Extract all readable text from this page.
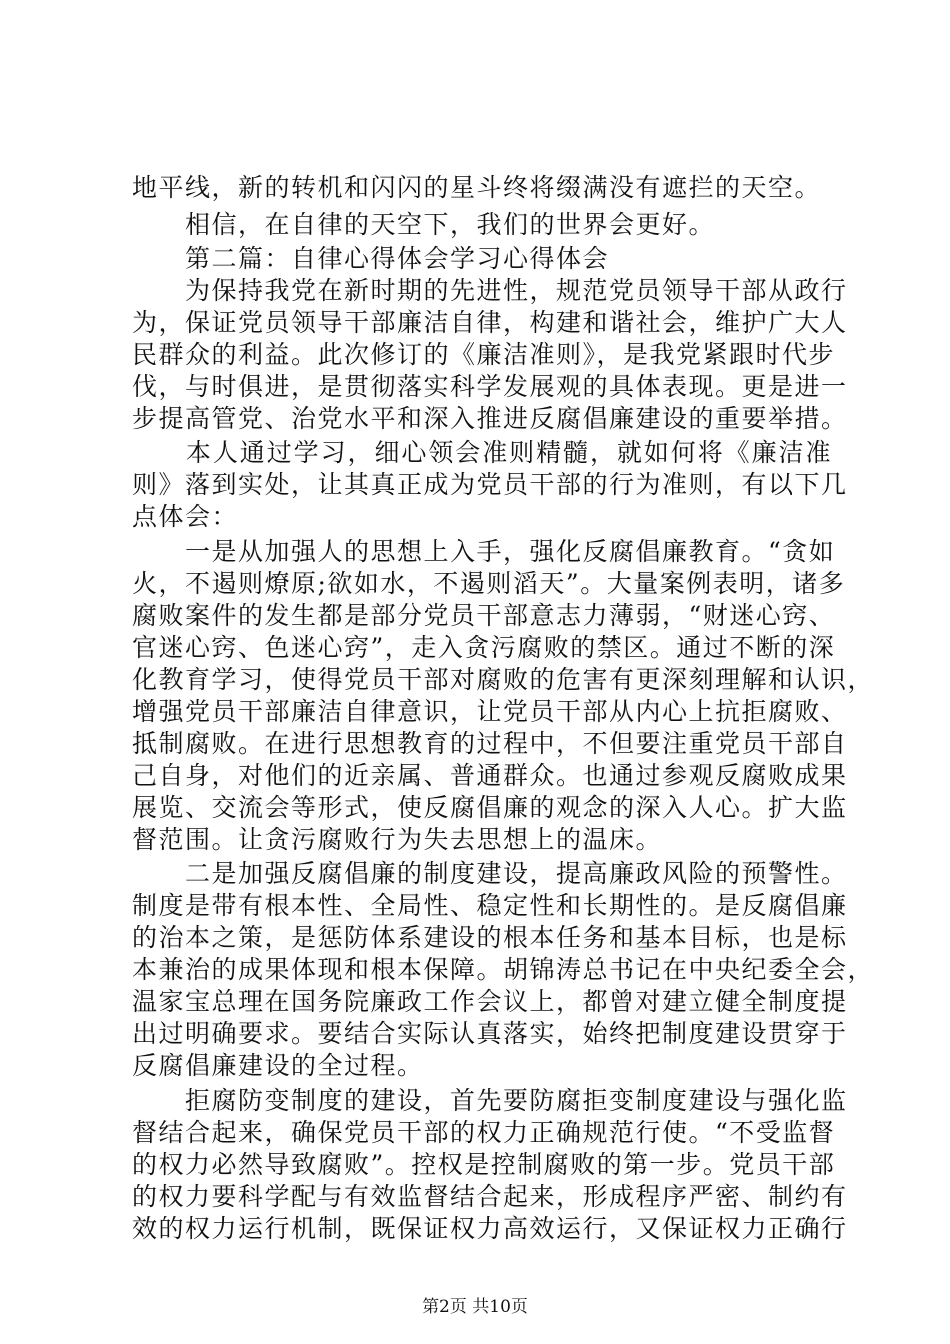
地平线，新的转机和闪闪的星斗终将缀满没有遮拦的天空。
　　相信，在自律的天空下，我们的世界会更好。
　　第二篇：自律心得体会学习心得体会
　　为保持我党在新时期的先进性，规范党员领导干部从政行
为，保证党员领导干部廉洁自律，构建和谐社会，维护广大人
民群众的利益。此次修订的《廉洁准则》，是我党紧跟时代步
伐，与时俱进，是贯彻落实科学发展观的具体表现。更是进一
步提高管党、治党水平和深入推进反腐倡廉建设的重要举措。
　　本人通过学习，细心领会准则精髓，就如何将《廉洁准
则》落到实处，让其真正成为党员干部的行为准则，有以下几
点体会：
　　一是从加强人的思想上入手，强化反腐倡廉教育。“贪如
火，不遏则燎原;欲如水，不遏则滔天”。大量案例表明，诸多
腐败案件的发生都是部分党员干部意志力薄弱，“财迷心窍、
官迷心窍、色迷心窍”，走入贪污腐败的禁区。通过不断的深
化教育学习，使得党员干部对腐败的危害有更深刻理解和认识，
增强党员干部廉洁自律意识，让党员干部从内心上抗拒腐败、
抵制腐败。在进行思想教育的过程中，不但要注重党员干部自
己自身，对他们的近亲属、普通群众。也通过参观反腐败成果
展览、交流会等形式，使反腐倡廉的观念的深入人心。扩大监
督范围。让贪污腐败行为失去思想上的温床。
　　二是加强反腐倡廉的制度建设，提高廉政风险的预警性。
制度是带有根本性、全局性、稳定性和长期性的。是反腐倡廉
的治本之策，是惩防体系建设的根本任务和基本目标，也是标
本兼治的成果体现和根本保障。胡锦涛总书记在中央纪委全会，
温家宝总理在国务院廉政工作会议上，都曾对建立健全制度提
出过明确要求。要结合实际认真落实，始终把制度建设贯穿于
反腐倡廉建设的全过程。
　　拒腐防变制度的建设，首先要防腐拒变制度建设与强化监
督结合起来，确保党员干部的权力正确规范行使。“不受监督
的权力必然导致腐败”。控权是控制腐败的第一步。党员干部
的权力要科学配与有效监督结合起来，形成程序严密、制约有
效的权力运行机制，既保证权力高效运行，又保证权力正确行
第2页 共10页
